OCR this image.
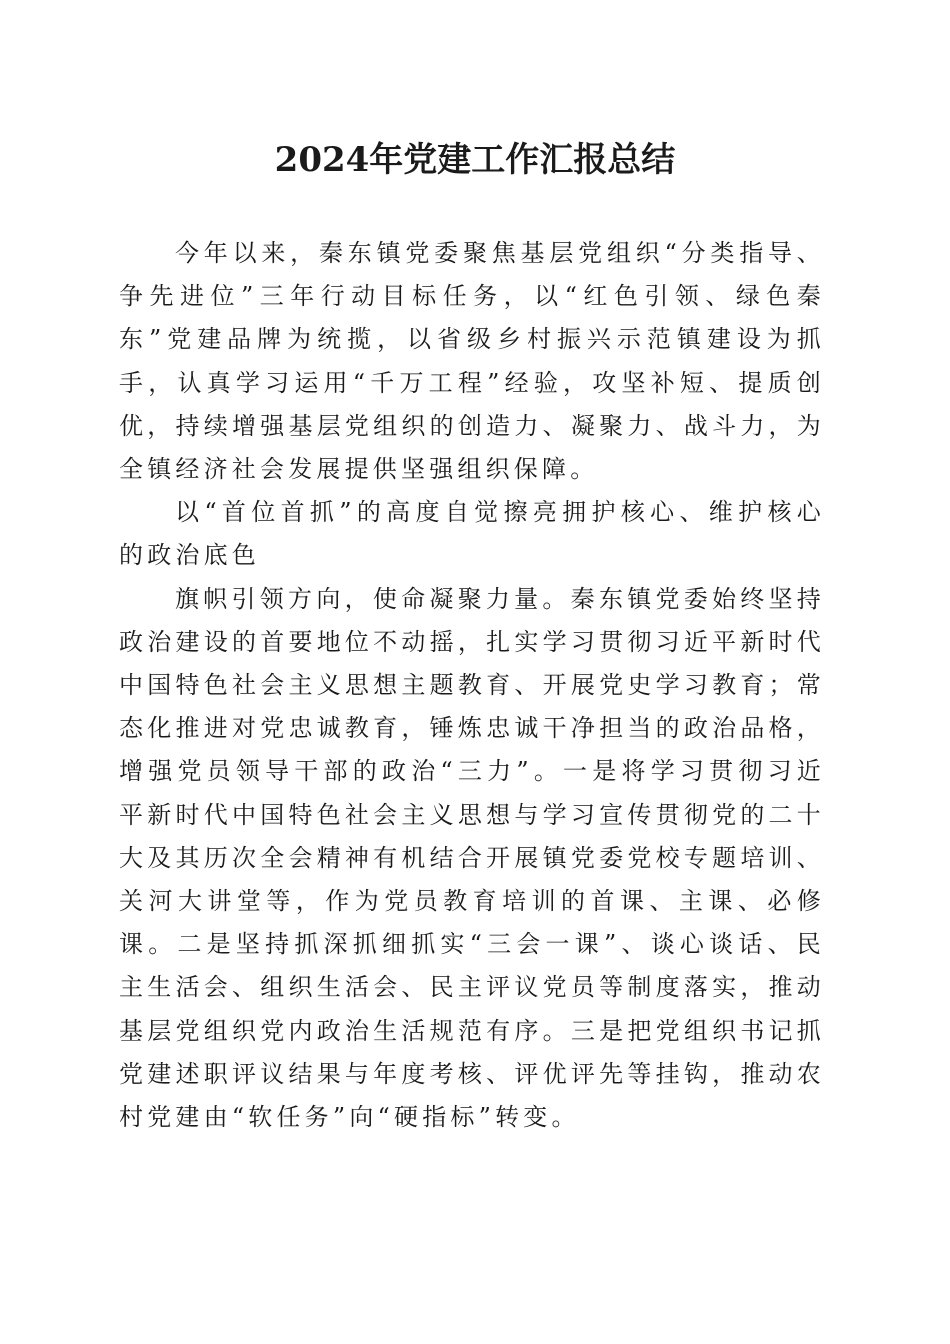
2024年党建工作汇报总结

今年以来，秦东镇党委聚焦基层党组织“分类指导、争先进位”三年行动目标任务，以“红色引领、绿色秦东”党建品牌为统揽，以省级乡村振兴示范镇建设为抓手，认真学习运用“千万工程”经验，攻坚补短、提质创优，持续增强基层党组织的创造力、凝聚力、战斗力，为全镇经济社会发展提供坚强组织保障。

以“首位首抓”的高度自觉擦亮拥护核心、维护核心的政治底色

旗帜引领方向，使命凝聚力量。秦东镇党委始终坚持政治建设的首要地位不动摇，扎实学习贯彻习近平新时代中国特色社会主义思想主题教育、开展党史学习教育；常态化推进对党忠诚教育，锤炼忠诚干净担当的政治品格，增强党员领导干部的政治“三力”。一是将学习贯彻习近平新时代中国特色社会主义思想与学习宣传贯彻党的二十大及其历次全会精神有机结合开展镇党委党校专题培训、关河大讲堂等，作为党员教育培训的首课、主课、必修课。二是坚持抓深抓细抓实“三会一课”、谈心谈话、民主生活会、组织生活会、民主评议党员等制度落实，推动基层党组织党内政治生活规范有序。三是把党组织书记抓党建述职评议结果与年度考核、评优评先等挂钩，推动农村党建由“软任务”向“硬指标”转变。
